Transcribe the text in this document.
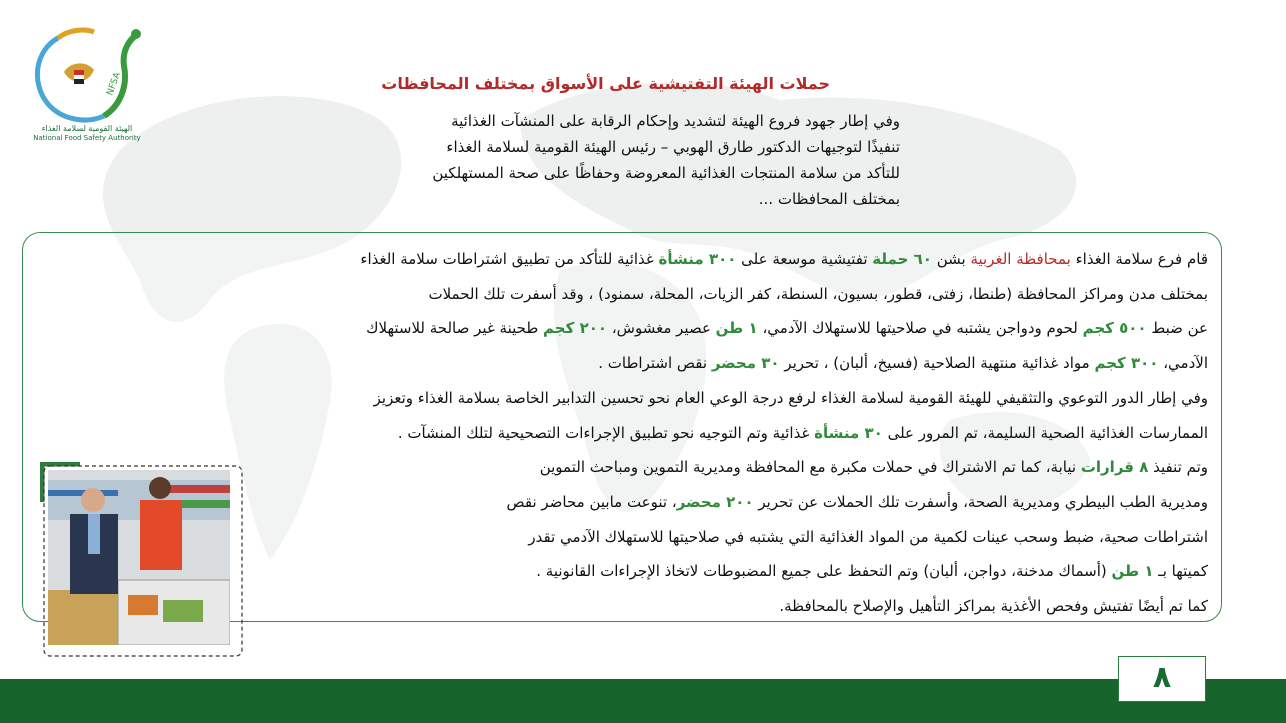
NFSA
الهيئة القومية لسلامة الغذاء
National Food Safety Authority
حملات الهيئة التفتيشية على الأسواق بمختلف المحافظات
وفي إطار جهود فروع الهيئة لتشديد وإحكام الرقابة على المنشآت الغذائية
تنفيذًا لتوجيهات الدكتور طارق الهوبي – رئيس الهيئة القومية لسلامة الغذاء
للتأكد من سلامة المنتجات الغذائية المعروضة وحفاظًا على صحة المستهلكين
بمختلف المحافظات ...
قام فرع سلامة الغذاء بمحافظة الغربية بشن ٦٠ حملة تفتيشية موسعة على ٣٠٠ منشأة غذائية للتأكد من تطبيق اشتراطات سلامة الغذاء
بمختلف مدن ومراكز المحافظة (طنطا، زفتى، قطور، بسيون، السنطة، كفر الزيات، المحلة، سمنود) ، وقد أسفرت تلك الحملات
عن ضبط ٥٠٠ كجم لحوم ودواجن يشتبه في صلاحيتها للاستهلاك الآدمي، ١ طن عصير مغشوش، ٢٠٠ كجم طحينة غير صالحة للاستهلاك
الآدمي، ٣٠٠ كجم مواد غذائية منتهية الصلاحية (فسيخ، ألبان) ، تحرير ٣٠ محضر نقص اشتراطات .
وفي إطار الدور التوعوي والتثقيفي للهيئة القومية لسلامة الغذاء لرفع درجة الوعي العام نحو تحسين التدابير الخاصة بسلامة الغذاء وتعزيز
الممارسات الغذائية الصحية السليمة، تم المرور على ٣٠ منشأة غذائية وتم التوجيه نحو تطبيق الإجراءات التصحيحية لتلك المنشآت .
وتم تنفيذ ٨ قرارات نيابة، كما تم الاشتراك في حملات مكبرة مع المحافظة ومديرية التموين ومباحث التموين
ومديرية الطب البيطري ومديرية الصحة، وأسفرت تلك الحملات عن تحرير ٢٠٠ محضر، تنوعت مابين محاضر نقص
اشتراطات صحية، ضبط وسحب عينات لكمية من المواد الغذائية التي يشتبه في صلاحيتها للاستهلاك الآدمي تقدر
كميتها بـ ١ طن (أسماك مدخنة، دواجن، ألبان) وتم التحفظ على جميع المضبوطات لاتخاذ الإجراءات القانونية .
كما تم أيضًا تفتيش وفحص الأغذية بمراكز التأهيل والإصلاح بالمحافظة.
٨
